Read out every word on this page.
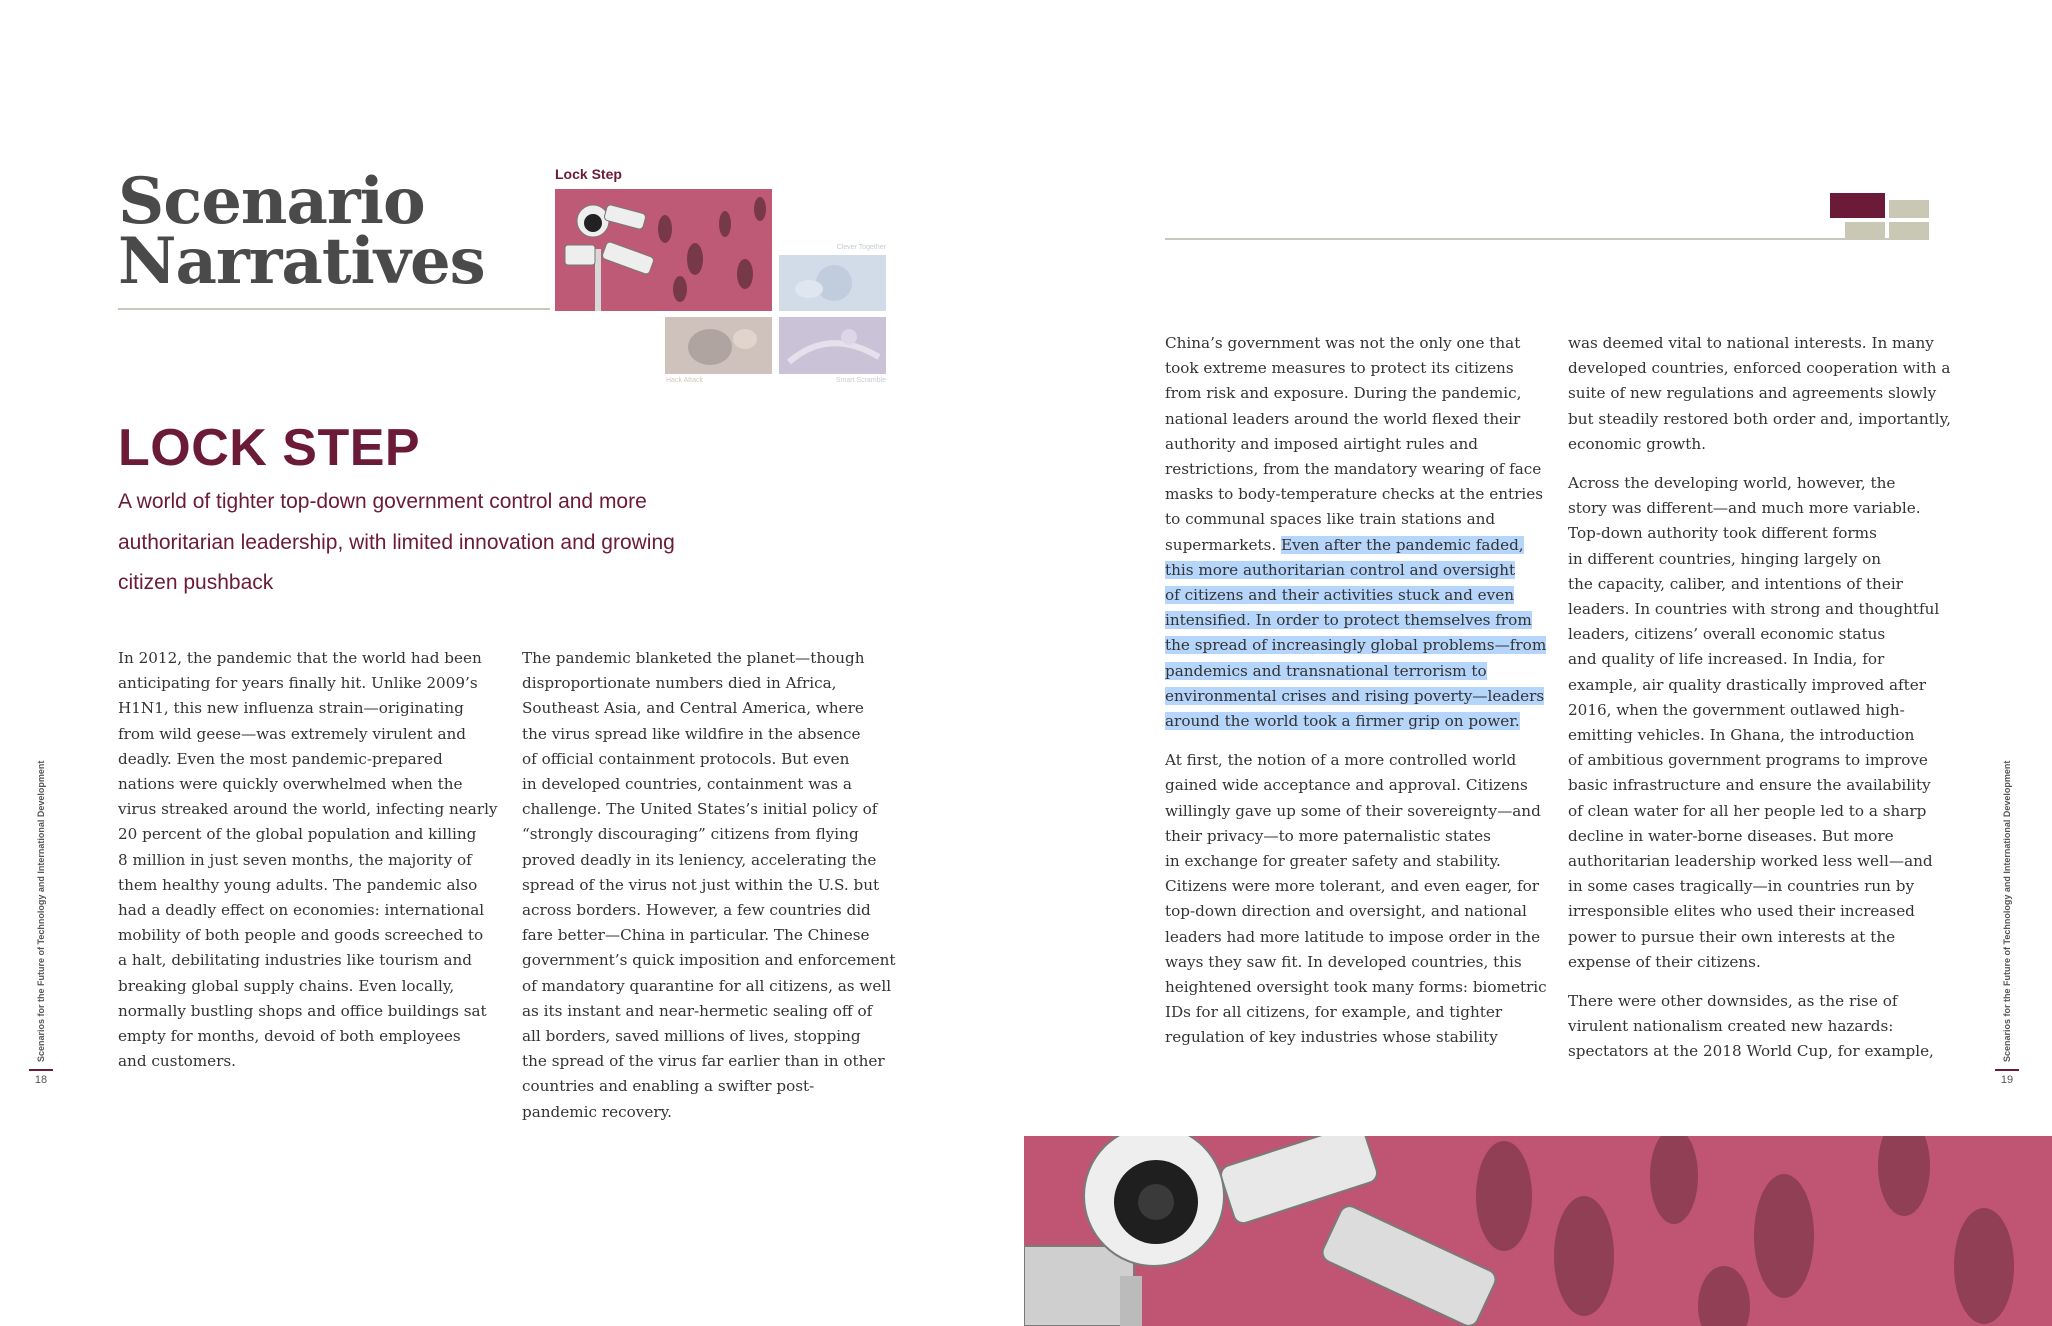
Scenario
Narratives
Lock Step
Clever Together
Hack Attack	Smart Scramble
LOCK STEP

A world of tighter top-down government control and more authoritarian leadership, with limited innovation and growing citizen pushback

In 2012, the pandemic that the world had been
anticipating for years finally hit. Unlike 2009’s
H1N1, this new influenza strain—originating
from wild geese—was extremely virulent and
deadly. Even the most pandemic-prepared
nations were quickly overwhelmed when the
virus streaked around the world, infecting nearly
20 percent of the global population and killing
8 million in just seven months, the majority of
them healthy young adults. The pandemic also
had a deadly effect on economies: international
mobility of both people and goods screeched to
a halt, debilitating industries like tourism and
breaking global supply chains. Even locally,
normally bustling shops and office buildings sat
empty for months, devoid of both employees
and customers.

The pandemic blanketed the planet—though
disproportionate numbers died in Africa,
Southeast Asia, and Central America, where
the virus spread like wildfire in the absence
of official containment protocols. But even
in developed countries, containment was a
challenge. The United States’s initial policy of
“strongly discouraging” citizens from flying
proved deadly in its leniency, accelerating the
spread of the virus not just within the U.S. but
across borders. However, a few countries did
fare better—China in particular. The Chinese
government’s quick imposition and enforcement
of mandatory quarantine for all citizens, as well
as its instant and near-hermetic sealing off of
all borders, saved millions of lives, stopping
the spread of the virus far earlier than in other
countries and enabling a swifter post-
pandemic recovery.

Scenarios for the Future of Technology and International Development
18

China’s government was not the only one that
took extreme measures to protect its citizens
from risk and exposure. During the pandemic,
national leaders around the world flexed their
authority and imposed airtight rules and
restrictions, from the mandatory wearing of face
masks to body-temperature checks at the entries
to communal spaces like train stations and
supermarkets. Even after the pandemic faded,
this more authoritarian control and oversight
of citizens and their activities stuck and even
intensified. In order to protect themselves from
the spread of increasingly global problems—from
pandemics and transnational terrorism to
environmental crises and rising poverty—leaders
around the world took a firmer grip on power.

At first, the notion of a more controlled world
gained wide acceptance and approval. Citizens
willingly gave up some of their sovereignty—and
their privacy—to more paternalistic states
in exchange for greater safety and stability.
Citizens were more tolerant, and even eager, for
top-down direction and oversight, and national
leaders had more latitude to impose order in the
ways they saw fit. In developed countries, this
heightened oversight took many forms: biometric
IDs for all citizens, for example, and tighter
regulation of key industries whose stability

was deemed vital to national interests. In many
developed countries, enforced cooperation with a
suite of new regulations and agreements slowly
but steadily restored both order and, importantly,
economic growth.

Across the developing world, however, the
story was different—and much more variable.
Top-down authority took different forms
in different countries, hinging largely on
the capacity, caliber, and intentions of their
leaders. In countries with strong and thoughtful
leaders, citizens’ overall economic status
and quality of life increased. In India, for
example, air quality drastically improved after
2016, when the government outlawed high-
emitting vehicles. In Ghana, the introduction
of ambitious government programs to improve
basic infrastructure and ensure the availability
of clean water for all her people led to a sharp
decline in water-borne diseases. But more
authoritarian leadership worked less well—and
in some cases tragically—in countries run by
irresponsible elites who used their increased
power to pursue their own interests at the
expense of their citizens.

There were other downsides, as the rise of
virulent nationalism created new hazards:
spectators at the 2018 World Cup, for example,	Scenarios for the Future of Technology and International Development
19
